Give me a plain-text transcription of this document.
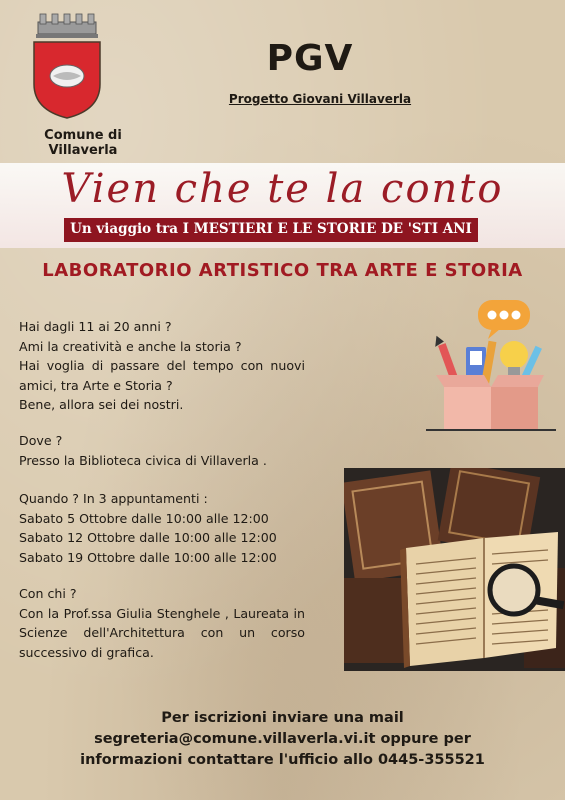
Comune di Villaverla
PGV
Progetto Giovani Villaverla
Vien che te la conto
Un viaggio tra I MESTIERI E LE STORIE DE 'STI ANI
LABORATORIO ARTISTICO TRA ARTE E STORIA
Hai dagli 11 ai 20 anni ?
Ami la creatività e anche la storia ?
Hai voglia di passare del tempo con nuovi amici, tra Arte e Storia ?
Bene, allora sei dei nostri.
Dove ?
Presso la Biblioteca civica di Villaverla .
Quando ? In 3 appuntamenti :
Sabato 5 Ottobre dalle 10:00 alle 12:00
Sabato 12 Ottobre dalle 10:00 alle 12:00
Sabato 19 Ottobre dalle 10:00 alle 12:00
Con chi ?
Con la Prof.ssa Giulia Stenghele , Laureata in Scienze dell'Architettura con un corso successivo di grafica.
Per iscrizioni inviare una mail
segreteria@comune.villaverla.vi.it oppure per
informazioni contattare l'ufficio allo 0445-355521
